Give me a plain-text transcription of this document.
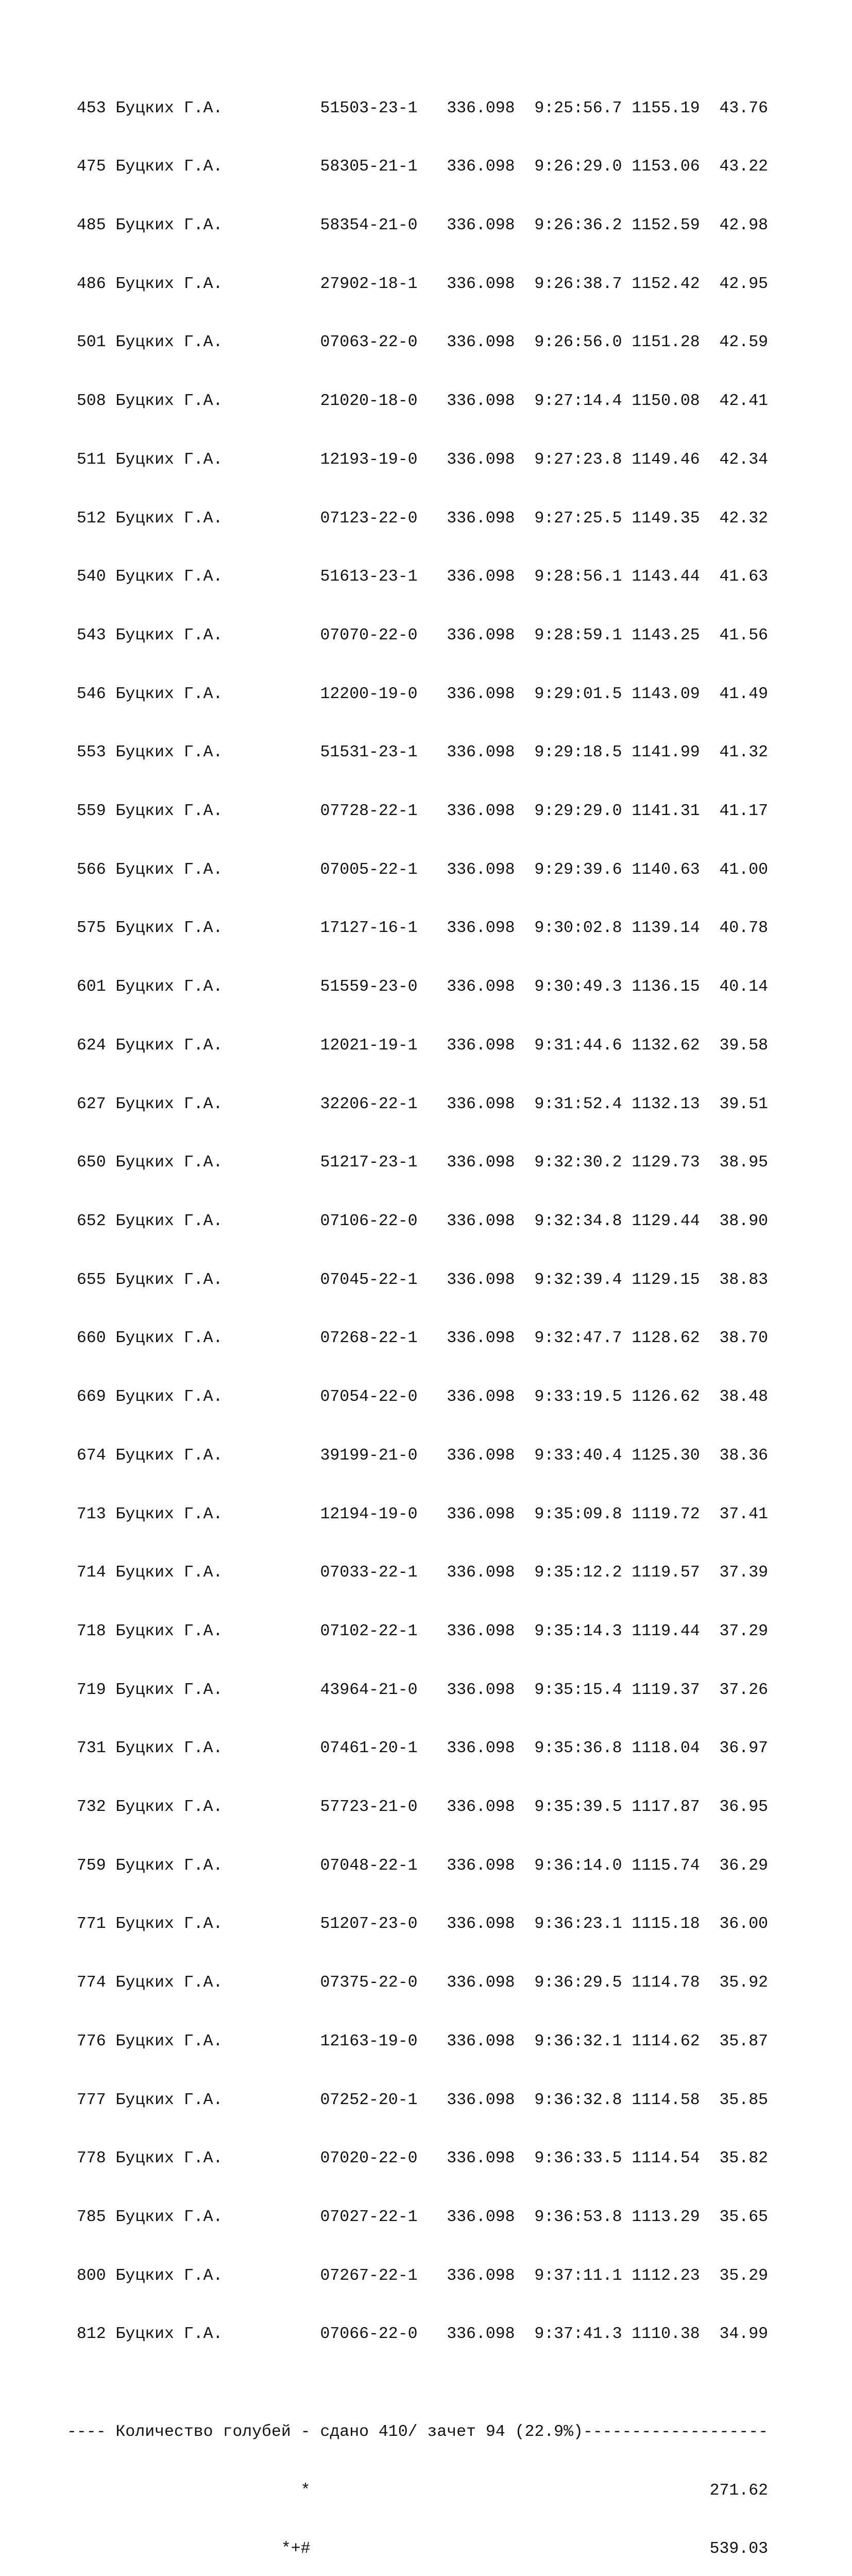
453 Буцких Г.А.          51503-23-1   336.098  9:25:56.7 1155.19  43.76

475 Буцких Г.А.          58305-21-1   336.098  9:26:29.0 1153.06  43.22

485 Буцких Г.А.          58354-21-0   336.098  9:26:36.2 1152.59  42.98

486 Буцких Г.А.          27902-18-1   336.098  9:26:38.7 1152.42  42.95

501 Буцких Г.А.          07063-22-0   336.098  9:26:56.0 1151.28  42.59

508 Буцких Г.А.          21020-18-0   336.098  9:27:14.4 1150.08  42.41

511 Буцких Г.А.          12193-19-0   336.098  9:27:23.8 1149.46  42.34

512 Буцких Г.А.          07123-22-0   336.098  9:27:25.5 1149.35  42.32

540 Буцких Г.А.          51613-23-1   336.098  9:28:56.1 1143.44  41.63

543 Буцких Г.А.          07070-22-0   336.098  9:28:59.1 1143.25  41.56

546 Буцких Г.А.          12200-19-0   336.098  9:29:01.5 1143.09  41.49

553 Буцких Г.А.          51531-23-1   336.098  9:29:18.5 1141.99  41.32

559 Буцких Г.А.          07728-22-1   336.098  9:29:29.0 1141.31  41.17

566 Буцких Г.А.          07005-22-1   336.098  9:29:39.6 1140.63  41.00

575 Буцких Г.А.          17127-16-1   336.098  9:30:02.8 1139.14  40.78

601 Буцких Г.А.          51559-23-0   336.098  9:30:49.3 1136.15  40.14

624 Буцких Г.А.          12021-19-1   336.098  9:31:44.6 1132.62  39.58

627 Буцких Г.А.          32206-22-1   336.098  9:31:52.4 1132.13  39.51

650 Буцких Г.А.          51217-23-1   336.098  9:32:30.2 1129.73  38.95

652 Буцких Г.А.          07106-22-0   336.098  9:32:34.8 1129.44  38.90

655 Буцких Г.А.          07045-22-1   336.098  9:32:39.4 1129.15  38.83

660 Буцких Г.А.          07268-22-1   336.098  9:32:47.7 1128.62  38.70

669 Буцких Г.А.          07054-22-0   336.098  9:33:19.5 1126.62  38.48

674 Буцких Г.А.          39199-21-0   336.098  9:33:40.4 1125.30  38.36

713 Буцких Г.А.          12194-19-0   336.098  9:35:09.8 1119.72  37.41

714 Буцких Г.А.          07033-22-1   336.098  9:35:12.2 1119.57  37.39

718 Буцких Г.А.          07102-22-1   336.098  9:35:14.3 1119.44  37.29

719 Буцких Г.А.          43964-21-0   336.098  9:35:15.4 1119.37  37.26

731 Буцких Г.А.          07461-20-1   336.098  9:35:36.8 1118.04  36.97

732 Буцких Г.А.          57723-21-0   336.098  9:35:39.5 1117.87  36.95

759 Буцких Г.А.          07048-22-1   336.098  9:36:14.0 1115.74  36.29

771 Буцких Г.А.          51207-23-0   336.098  9:36:23.1 1115.18  36.00

774 Буцких Г.А.          07375-22-0   336.098  9:36:29.5 1114.78  35.92

776 Буцких Г.А.          12163-19-0   336.098  9:36:32.1 1114.62  35.87

777 Буцких Г.А.          07252-20-1   336.098  9:36:32.8 1114.58  35.85

778 Буцких Г.А.          07020-22-0   336.098  9:36:33.5 1114.54  35.82

785 Буцких Г.А.          07027-22-1   336.098  9:36:53.8 1113.29  35.65

800 Буцких Г.А.          07267-22-1   336.098  9:37:11.1 1112.23  35.29

812 Буцких Г.А.          07066-22-0   336.098  9:37:41.3 1110.38  34.99

---- Количество голубей - сдано 410/ зачет 94 (22.9%)-------------------

*                                         271.62

*+#                                         539.03
